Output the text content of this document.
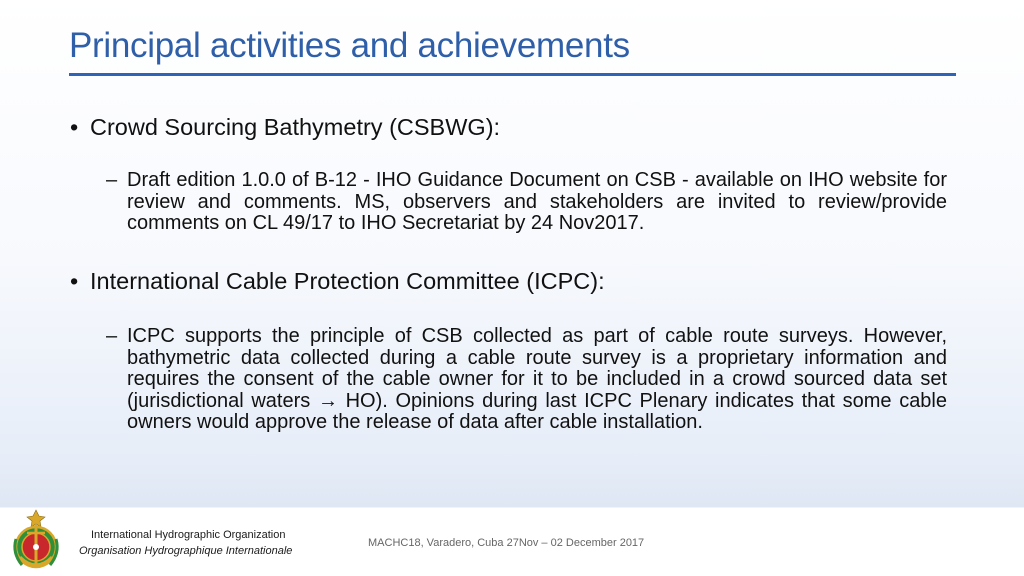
Principal activities and achievements
• Crowd Sourcing Bathymetry (CSBWG):
– Draft edition 1.0.0 of B-12 - IHO Guidance Document on CSB - available on IHO website for review and comments. MS, observers and stakeholders are invited to review/provide comments on CL 49/17 to IHO Secretariat by 24 Nov2017.
• International Cable Protection Committee (ICPC):
– ICPC supports the principle of CSB collected as part of cable route surveys. However, bathymetric data collected during a cable route survey is a proprietary information and requires the consent of the cable owner for it to be included in a crowd sourced data set (jurisdictional waters → HO). Opinions during last ICPC Plenary indicates that some cable owners would approve the release of data after cable installation.
International Hydrographic Organization
Organisation Hydrographique Internationale
MACHC18, Varadero, Cuba 27Nov – 02 December 2017
